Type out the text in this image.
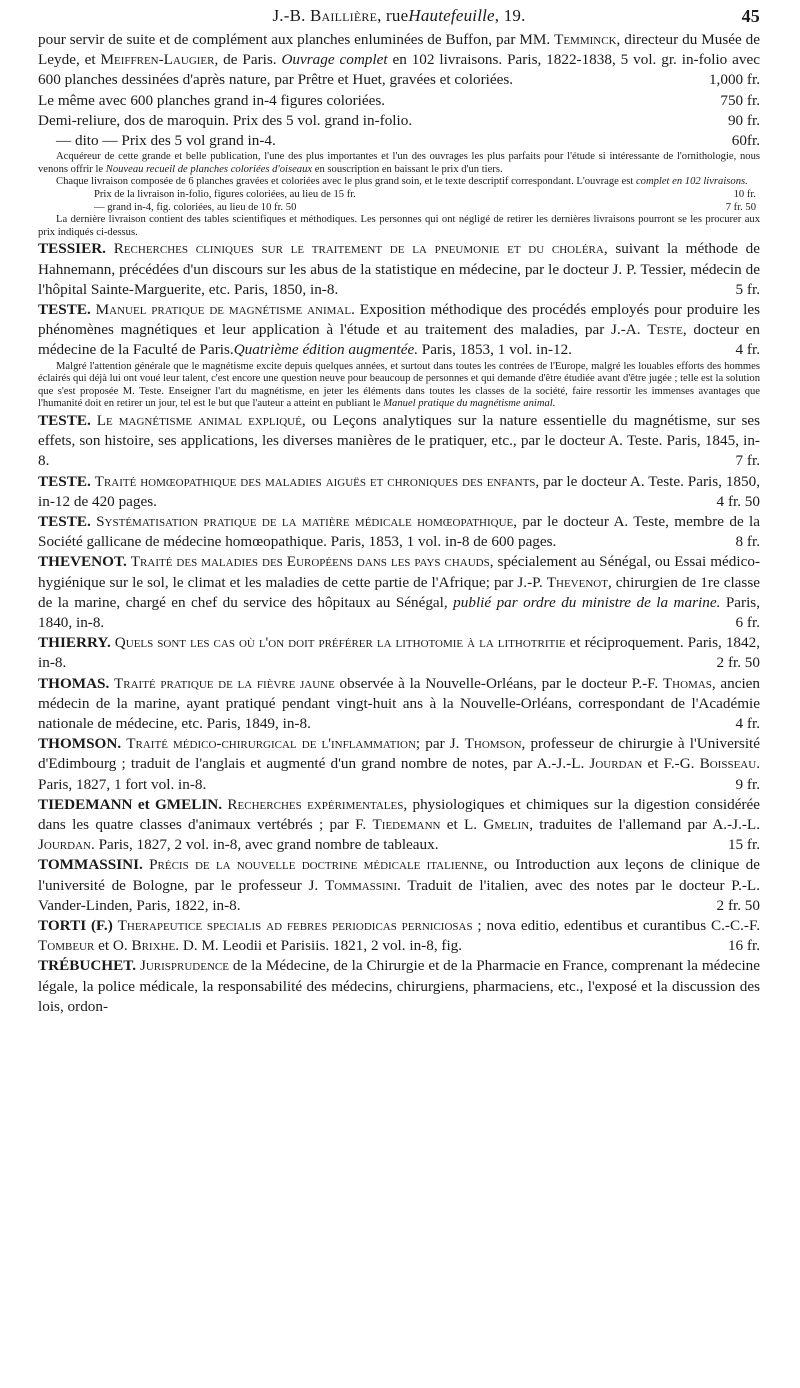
J.-B. Baillière , rue Hautefeuille , 19.	45

pour servir de suite et de complément aux planches enluminées de Buffon, par MM. Temminck, directeur du Musée de Leyde, et Meiffren-Laugier, de Paris. Ouvrage complet en 102 livraisons. Paris, 1822-1838, 5 vol. gr. in-folio avec 600 planches dessinées d'après nature, par Prêtre et Huet, gravées et coloriées.	1,000 fr.

Le même avec 600 planches grand in-4 figures coloriées.	750 fr.

Demi-reliure, dos de maroquin. Prix des 5 vol. grand in-folio.	90 fr.

— dito — Prix des 5 vol grand in-4.	60fr.

Acquéreur de cette grande et belle publication, l'une des plus importantes et l'un des ouvrages les plus parfaits pour l'étude si intéressante de l'ornithologie, nous venons offrir le Nouveau recueil de planches coloriées d'oiseaux en souscription en baissant le prix d'un tiers.

Chaque livraison composée de 6 planches gravées et coloriées avec le plus grand soin, et le texte descriptif correspondant. L'ouvrage est complet en 102 livraisons.

Prix de la livraison in-folio, figures coloriées, au lieu de 15 fr.	10 fr.
— grand in-4, fig. coloriées, au lieu de 10 fr. 50	7 fr. 50

La dernière livraison contient des tables scientifiques et méthodiques. Les personnes qui ont négligé de retirer les dernières livraisons pourront se les procurer aux prix indiqués ci-dessus.

TESSIER. Recherches cliniques sur le traitement de la pneumonie et du choléra, suivant la méthode de Hahnemann, précédées d'un discours sur les abus de la statistique en médecine, par le docteur J. P. Tessier, médecin de l'hôpital Sainte-Marguerite, etc. Paris, 1850, in-8.	5 fr.

TESTE. Manuel pratique de magnétisme animal. Exposition méthodique des procédés employés pour produire les phénomènes magnétiques et leur application à l'étude et au traitement des maladies, par J.-A. Teste, docteur en médecine de la Faculté de Paris.Quatrième édition augmentée. Paris, 1853, 1 vol. in-12.	4 fr.

Malgré l'attention générale que le magnétisme excite depuis quelques années, et surtout dans toutes les contrées de l'Europe, malgré les louables efforts des hommes éclairés qui déjà lui ont voué leur talent, c'est encore une question neuve pour beaucoup de personnes et qui demande d'être étudiée avant d'être jugée ; telle est la solution que s'est proposée M. Teste. Enseigner l'art du magnétisme, en jeter les éléments dans toutes les classes de la société, faire ressortir les immenses avantages que l'humanité doit en retirer un jour, tel est le but que l'auteur a atteint en publiant le Manuel pratique du magnétisme animal.

TESTE. Le magnétisme animal expliqué, ou Leçons analytiques sur la nature essentielle du magnétisme, sur ses effets, son histoire, ses applications, les diverses manières de le pratiquer, etc., par le docteur A. Teste. Paris, 1845, in-8.	7 fr.

TESTE. Traité homœopathique des maladies aiguës et chroniques des enfants, par le docteur A. Teste. Paris, 1850, in-12 de 420 pages.	4 fr. 50

TESTE. Systématisation pratique de la matière médicale homœopathique, par le docteur A. Teste, membre de la Société gallicane de médecine homœopathique. Paris, 1853, 1 vol. in-8 de 600 pages.	8 fr.

THEVENOT. Traité des maladies des Européens dans les pays chauds, spécialement au Sénégal, ou Essai médico-hygiénique sur le sol, le climat et les maladies de cette partie de l'Afrique; par J.-P. Thevenot, chirurgien de 1re classe de la marine, chargé en chef du service des hôpitaux au Sénégal, publié par ordre du ministre de la marine. Paris, 1840, in-8.	6 fr.

THIERRY. Quels sont les cas où l'on doit préférer la lithotomie à la lithotritie et réciproquement. Paris, 1842, in-8.	2 fr. 50

THOMAS. Traité pratique de la fièvre jaune observée à la Nouvelle-Orléans, par le docteur P.-F. Thomas, ancien médecin de la marine, ayant pratiqué pendant vingt-huit ans à la Nouvelle-Orléans, correspondant de l'Académie nationale de médecine, etc. Paris, 1849, in-8.	4 fr.

THOMSON. Traité médico-chirurgical de l'inflammation; par J. Thomson, professeur de chirurgie à l'Université d'Edimbourg ; traduit de l'anglais et augmenté d'un grand nombre de notes, par A.-J.-L. Jourdan et F.-G. Boisseau. Paris, 1827, 1 fort vol. in-8.	9 fr.

TIEDEMANN et GMELIN. Recherches expérimentales, physiologiques et chimiques sur la digestion considérée dans les quatre classes d'animaux vertébrés ; par F. Tiedemann et L. Gmelin, traduites de l'allemand par A.-J.-L. Jourdan. Paris, 1827, 2 vol. in-8, avec grand nombre de tableaux.	15 fr.

TOMMASSINI. Précis de la nouvelle doctrine médicale italienne, ou Introduction aux leçons de clinique de l'université de Bologne, par le professeur J. Tommassini. Traduit de l'italien, avec des notes par le docteur P.-L. Vander-Linden, Paris, 1822, in-8.	2 fr. 50

TORTI (F.) Therapeutice specialis ad febres periodicas perniciosas ; nova editio, edentibus et curantibus C.-C.-F. Tombeur et O. Brixhe. D. M. Leodii et Parisiis. 1821, 2 vol. in-8, fig.	16 fr.

TRÉBUCHET. Jurisprudence de la Médecine, de la Chirurgie et de la Pharmacie en France, comprenant la médecine légale, la police médicale, la responsabilité des médecins, chirurgiens, pharmaciens, etc., l'exposé et la discussion des lois, ordon-
